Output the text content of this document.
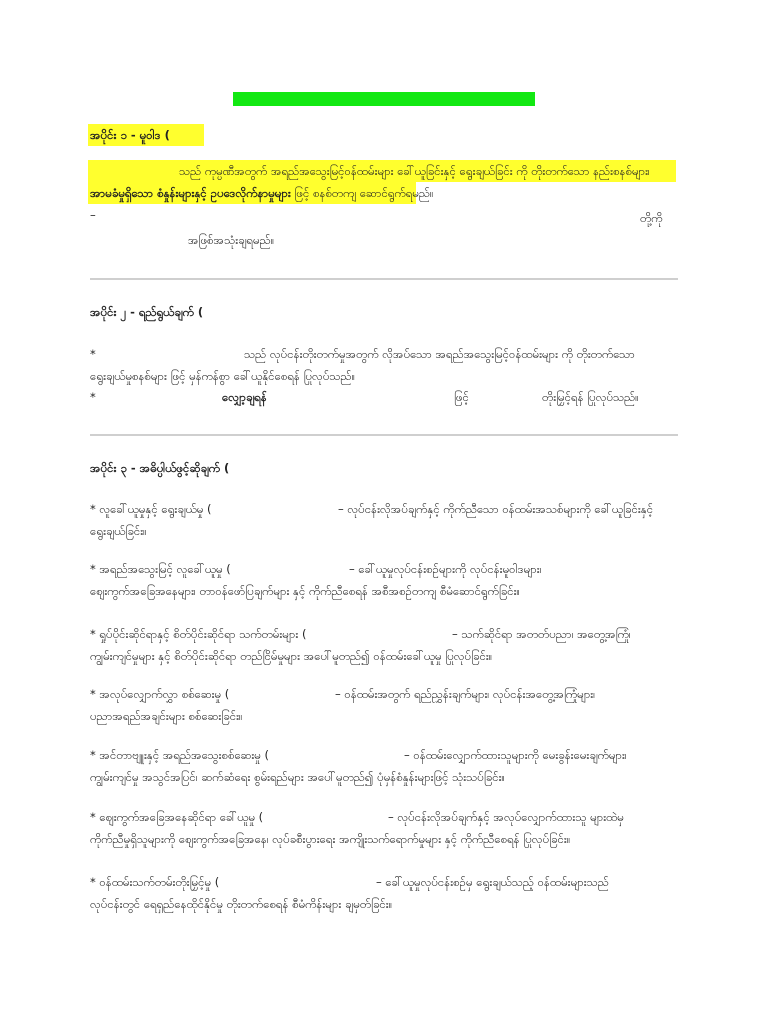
အပိုင်း ၁ - မူဝါဒ (
သည် ကုမ္ပဏီအတွက် အရည်အသွေးမြင့်ဝန်ထမ်းများ ခေါ်ယူခြင်းနှင့် ရွေးချယ်ခြင်း ကို တိုးတက်သော နည်းစနစ်များ၊
အာမခံမှုရှိသော စံနှုန်းများနှင့် ဥပဒေလိုက်နာမှုများ ဖြင့် စနစ်တကျ ဆောင်ရွက်ရမည်။
–	တို့ကို
အဖြစ်အသုံးချရမည်။
အပိုင်း ၂ - ရည်ရွယ်ချက် (
*	သည် လုပ်ငန်းတိုးတက်မှုအတွက် လိုအပ်သော အရည်အသွေးမြင့်ဝန်ထမ်းများ ကို တိုးတက်သော
ရွေးချယ်မှုစနစ်များ ဖြင့် မှန်ကန်စွာ ခေါ်ယူနိုင်စေရန် ပြုလုပ်သည်။
*	လျှော့ချရန်	ဖြင့်	တိုးမြှင့်ရန် ပြုလုပ်သည်။
အပိုင်း ၃ - အဓိပ္ပါယ်ဖွင့်ဆိုချက် (
* လူခေါ်ယူမှုနှင့် ရွေးချယ်မှု (	– လုပ်ငန်းလိုအပ်ချက်နှင့် ကိုက်ညီသော ဝန်ထမ်းအသစ်များကို ခေါ်ယူခြင်းနှင့်
ရွေးချယ်ခြင်း။
* အရည်အသွေးမြင့် လူခေါ်ယူမှု (	– ခေါ်ယူမှုလုပ်ငန်းစဉ်များကို လုပ်ငန်းမူဝါဒများ၊
ဈေးကွက်အခြေအနေများ၊ တာဝန်ဖော်ပြချက်များ နှင့် ကိုက်ညီစေရန် အစီအစဉ်တကျ စီမံဆောင်ရွက်ခြင်း။
* ရှုပ်ပိုင်းဆိုင်ရာနှင့် စိတ်ပိုင်းဆိုင်ရာ သက်တမ်းများ (	– သက်ဆိုင်ရာ အတတ်ပညာ၊ အတွေ့အကြုံ၊
ကျွမ်းကျင်မှုများ နှင့် စိတ်ပိုင်းဆိုင်ရာ တည်ငြိမ်မှုများ အပေါ်မူတည်၍ ဝန်ထမ်းခေါ်ယူမှု ပြုလုပ်ခြင်း။
* အလုပ်လျှောက်လွှာ စစ်ဆေးမှု (	– ဝန်ထမ်းအတွက် ရည်ညွှန်းချက်များ၊ လုပ်ငန်းအတွေ့အကြုံများ၊
ပညာအရည်အချင်းများ စစ်ဆေးခြင်း။
* အင်တာဗျူးနှင့် အရည်အသွေးစစ်ဆေးမှု (	– ဝန်ထမ်းလျှောက်ထားသူများကို မေးခွန်းမေးချက်များ၊
ကျွမ်းကျင်မှု အသွင်အပြင်၊ ဆက်ဆံရေး စွမ်းရည်များ အပေါ်မူတည်၍ ပုံမှန်စံနှုန်းများဖြင့် သုံးသပ်ခြင်း။
* ဈေးကွက်အခြေအနေဆိုင်ရာ ခေါ်ယူမှု (	– လုပ်ငန်းလိုအပ်ချက်နှင့် အလုပ်လျှောက်ထားသူ များထဲမှ
ကိုက်ညီမှုရှိသူများကို ဈေးကွက်အခြေအနေ၊ လုပ်ခစီးပွားရေး အကျိုးသက်ရောက်မှုများ နှင့် ကိုက်ညီစေရန် ပြုလုပ်ခြင်း။
* ဝန်ထမ်းသက်တမ်းတိုးမြှင့်မှု (	– ခေါ်ယူမှုလုပ်ငန်းစဉ်မှ ရွေးချယ်သည့် ဝန်ထမ်းများသည်
လုပ်ငန်းတွင် ရေရှည်နေထိုင်နိုင်မှု တိုးတက်စေရန် စီမံကိန်းများ ချမှတ်ခြင်း။
